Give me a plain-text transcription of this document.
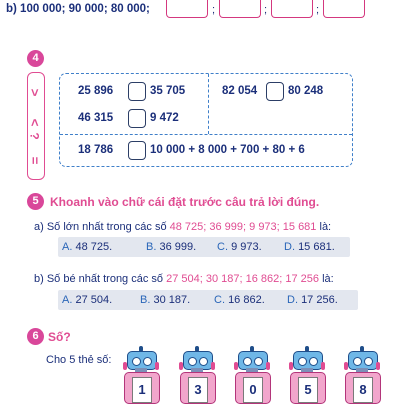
b) 100 000; 90 000; 80 000;	;	;	;
4
>
<
?
=
25 896	35 705	82 054	80 248
46 315	9 472
18 786	10 000 + 8 000 + 700 + 80 + 6
5 Khoanh vào chữ cái đặt trước câu trả lời đúng.
a) Số lớn nhất trong các số 48 725; 36 999; 9 973; 15 681 là:
A. 48 725.	B. 36 999. C. 9 973. D. 15 681.
b) Số bé nhất trong các số 27 504; 30 187; 16 862; 17 256 là:
A. 27 504.	B. 30 187. C. 16 862. D. 17 256.
6 Số?
Cho 5 thẻ số:
1	3	0	5	8
